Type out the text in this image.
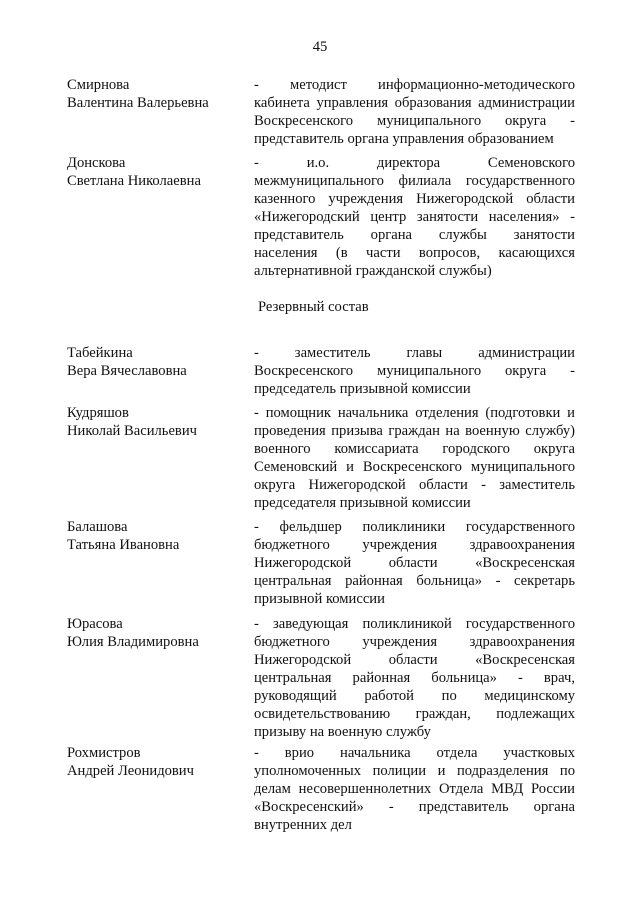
45
Смирнова
Валентина Валерьевна
- методист информационно-методического
кабинета управления образования администрации
Воскресенского муниципального округа -
представитель органа управления образованием
Донскова
Светлана Николаевна
- и.о. директора Семеновского
межмуниципального филиала государственного
казенного учреждения Нижегородской области
«Нижегородский центр занятости населения» -
представитель органа службы занятости
населения (в части вопросов, касающихся
альтернативной гражданской службы)
Резервный состав
Табейкина
Вера Вячеславовна
- заместитель главы администрации
Воскресенского муниципального округа -
председатель призывной комиссии
Кудряшов
Николай Васильевич
- помощник начальника отделения (подготовки и
проведения призыва граждан на военную службу)
военного комиссариата городского округа
Семеновский и Воскресенского муниципального
округа Нижегородской области - заместитель
председателя призывной комиссии
Балашова
Татьяна Ивановна
- фельдшер поликлиники государственного
бюджетного учреждения здравоохранения
Нижегородской области «Воскресенская
центральная районная больница» - секретарь
призывной комиссии
Юрасова
Юлия Владимировна
- заведующая поликлиникой государственного
бюджетного учреждения здравоохранения
Нижегородской области «Воскресенская
центральная районная больница» - врач,
руководящий работой по медицинскому
освидетельствованию граждан, подлежащих
призыву на военную службу
Рохмистров
Андрей Леонидович
- врио начальника отдела участковых
уполномоченных полиции и подразделения по
делам несовершеннолетних Отдела МВД России
«Воскресенский» - представитель органа
внутренних дел
